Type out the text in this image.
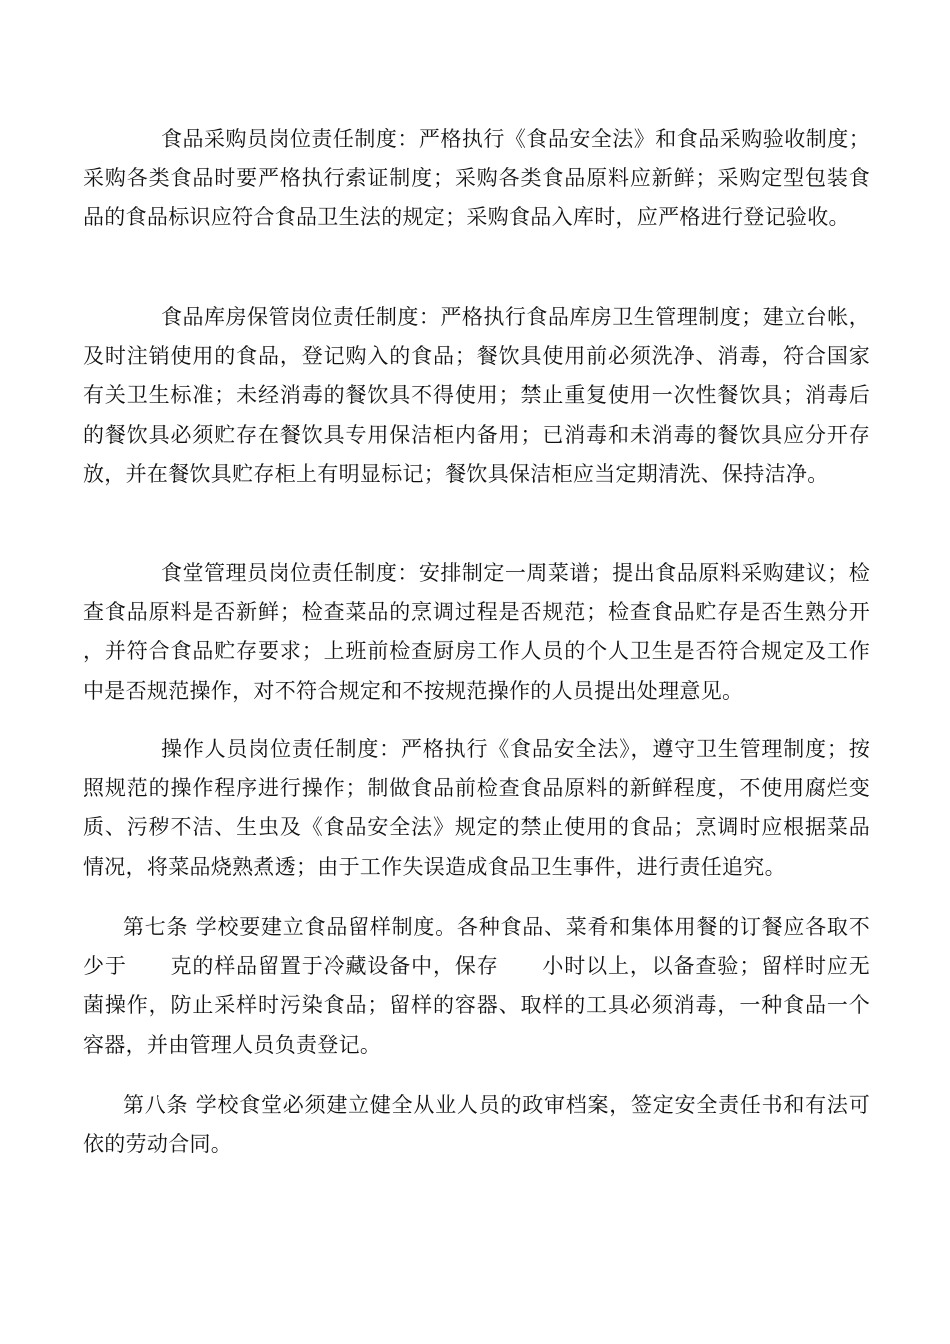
食品采购员岗位责任制度：严格执行《食品安全法》和食品采购验收制度；采购各类食品时要严格执行索证制度；采购各类食品原料应新鲜；采购定型包装食品的食品标识应符合食品卫生法的规定；采购食品入库时，应严格进行登记验收。

食品库房保管岗位责任制度：严格执行食品库房卫生管理制度；建立台帐，及时注销使用的食品，登记购入的食品；餐饮具使用前必须洗净、消毒，符合国家有关卫生标准；未经消毒的餐饮具不得使用；禁止重复使用一次性餐饮具；消毒后的餐饮具必须贮存在餐饮具专用保洁柜内备用；已消毒和未消毒的餐饮具应分开存放，并在餐饮具贮存柜上有明显标记；餐饮具保洁柜应当定期清洗、保持洁净。

食堂管理员岗位责任制度：安排制定一周菜谱；提出食品原料采购建议；检查食品原料是否新鲜；检查菜品的烹调过程是否规范；检查食品贮存是否生熟分开，并符合食品贮存要求；上班前检查厨房工作人员的个人卫生是否符合规定及工作中是否规范操作，对不符合规定和不按规范操作的人员提出处理意见。

操作人员岗位责任制度：严格执行《食品安全法》，遵守卫生管理制度；按照规范的操作程序进行操作；制做食品前检查食品原料的新鲜程度，不使用腐烂变质、污秽不洁、生虫及《食品安全法》规定的禁止使用的食品；烹调时应根据菜品情况，将菜品烧熟煮透；由于工作失误造成食品卫生事件，进行责任追究。

第七条 学校要建立食品留样制度。各种食品、菜肴和集体用餐的订餐应各取不少于　　克的样品留置于冷藏设备中，保存　　小时以上，以备查验；留样时应无菌操作，防止采样时污染食品；留样的容器、取样的工具必须消毒，一种食品一个容器，并由管理人员负责登记。

第八条 学校食堂必须建立健全从业人员的政审档案，签定安全责任书和有法可依的劳动合同。
